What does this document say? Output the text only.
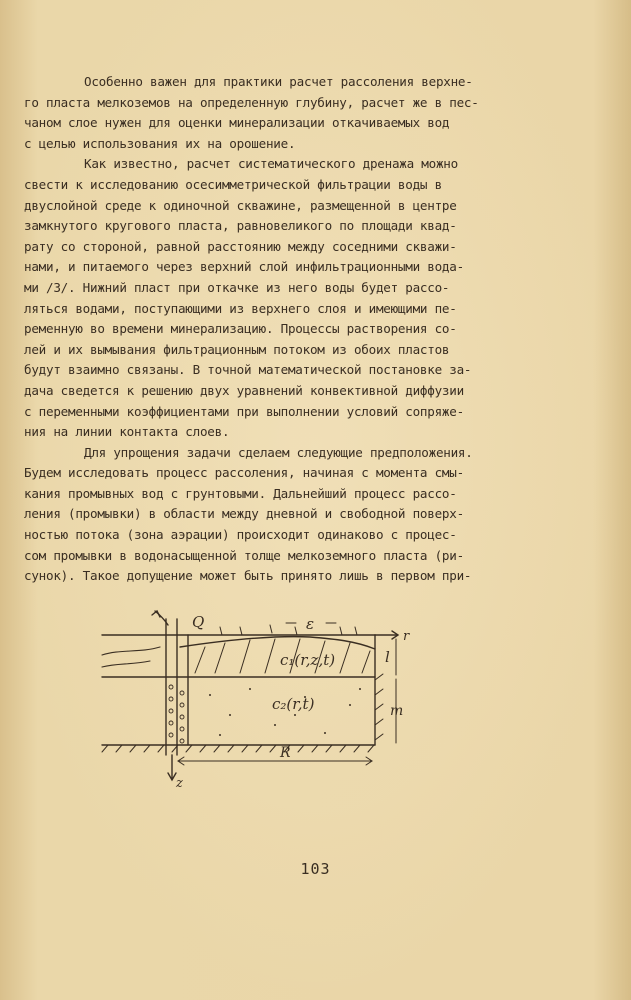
Особенно важен для практики расчет рассоления верхне-
го пласта мелкоземов на определенную глубину, расчет же в пес-
чаном слое нужен для оценки минерализации откачиваемых вод
с целью использования их на орошение.
Как известно, расчет систематического дренажа можно
свести к исследованию осесимметрической фильтрации воды в
двуслойной среде к одиночной скважине, размещенной в центре
замкнутого кругового пласта, равновеликого по площади квад-
рату со стороной, равной расстоянию между соседними скважи-
нами, и питаемого через верхний слой инфильтрационными вода-
ми /3/. Нижний пласт при откачке из него воды будет рассо-
ляться водами, поступающими из верхнего слоя и имеющими пе-
ременную во времени минерализацию. Процессы растворения со-
лей и их вымывания фильтрационным потоком из обоих пластов
будут взаимно связаны. В точной математической постановке за-
дача сведется к решению двух уравнений конвективной диффузии
с переменными коэффициентами при выполнении условий сопряже-
ния на линии контакта слоев.
Для упрощения задачи сделаем следующие предположения.
Будем исследовать процесс рассоления, начиная с момента смы-
кания промывных вод с грунтовыми. Дальнейший процесс рассо-
ления (промывки) в области между дневной и свободной поверх-
ностью потока (зона аэрации) происходит одинаково с процес-
сом промывки в водонасыщенной толще мелкоземного пласта (ри-
сунок). Такое допущение может быть принято лишь в первом при-
Q	ε
r
l
m
z
R
c₁(r,z,t)
c₂(r,t)
103
